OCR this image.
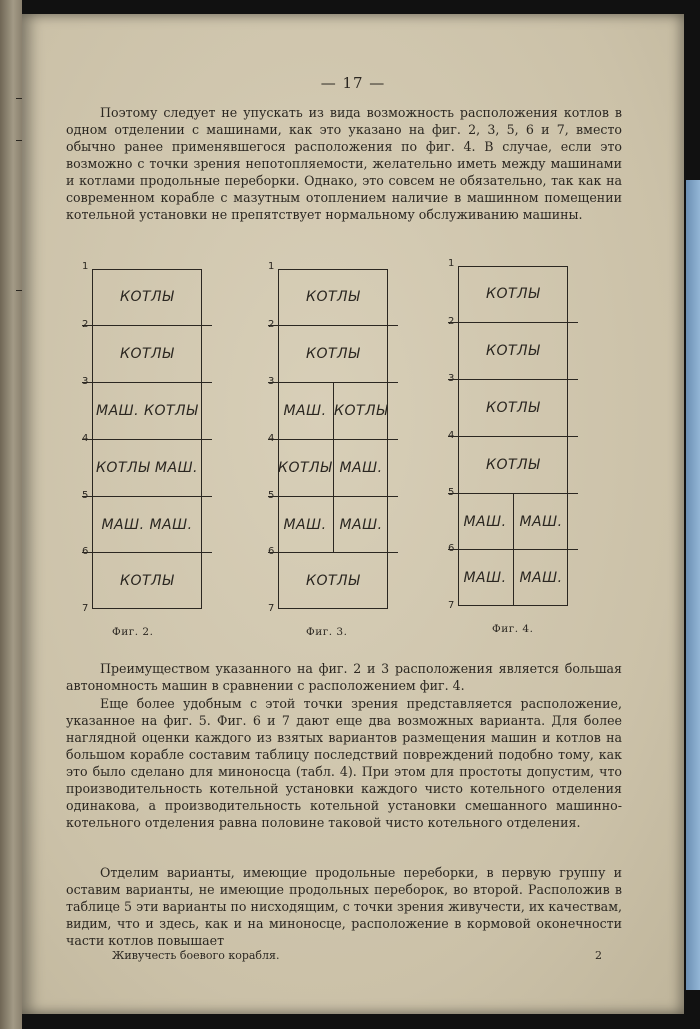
— 17 —

Поэтому следует не упускать из вида возможность расположения котлов в одном отделении с машинами, как это указано на фиг. 2, 3, 5, 6 и 7, вместо обычно ранее применявшегося расположения по фиг. 4. В случае, если это возможно с точки зрения непотопляемости, желательно иметь между машинами и котлами продольные переборки. Однако, это совсем не обязательно, так как на современном корабле с мазутным отоплением наличие в машинном помещении котельной установки не препятствует нормальному обслуживанию машины.

КОТЛЫ
КОТЛЫ
МАШ. КОТЛЫ
КОТЛЫ МАШ.
МАШ. МАШ.
КОТЛЫ
1
2
3
4
5
6
7
Фиг. 2.
КОТЛЫ
КОТЛЫ
МАШ. КОТЛЫ
КОТЛЫ МАШ.
МАШ. МАШ.
КОТЛЫ
1
2
3
4
5
6
7
Фиг. 3.
КОТЛЫ
КОТЛЫ
КОТЛЫ
КОТЛЫ
МАШ. МАШ.
МАШ. МАШ.
1
2
3
4
5
6
7
Фиг. 4.

Преимуществом указанного на фиг. 2 и 3 расположения является большая автономность машин в сравнении с расположением фиг. 4.

Еще более удобным с этой точки зрения представляется расположение, указанное на фиг. 5. Фиг. 6 и 7 дают еще два возможных варианта. Для более наглядной оценки каждого из взятых вариантов размещения машин и котлов на большом корабле составим таблицу последствий повреждений подобно тому, как это было сделано для миноносца (табл. 4). При этом для простоты допустим, что производительность котельной установки каждого чисто котельного отделения одинакова, а производительность котельной установки смешанного машинно-котельного отделения равна половине таковой чисто котельного отделения.

Отделим варианты, имеющие продольные переборки, в первую группу и оставим варианты, не имеющие продольных переборок, во второй. Расположив в таблице 5 эти варианты по нисходящим, с точки зрения живучести, их качествам, видим, что и здесь, как и на миноносце, расположение в кормовой оконечности части котлов повышает

Живучесть боевого корабля.	2
